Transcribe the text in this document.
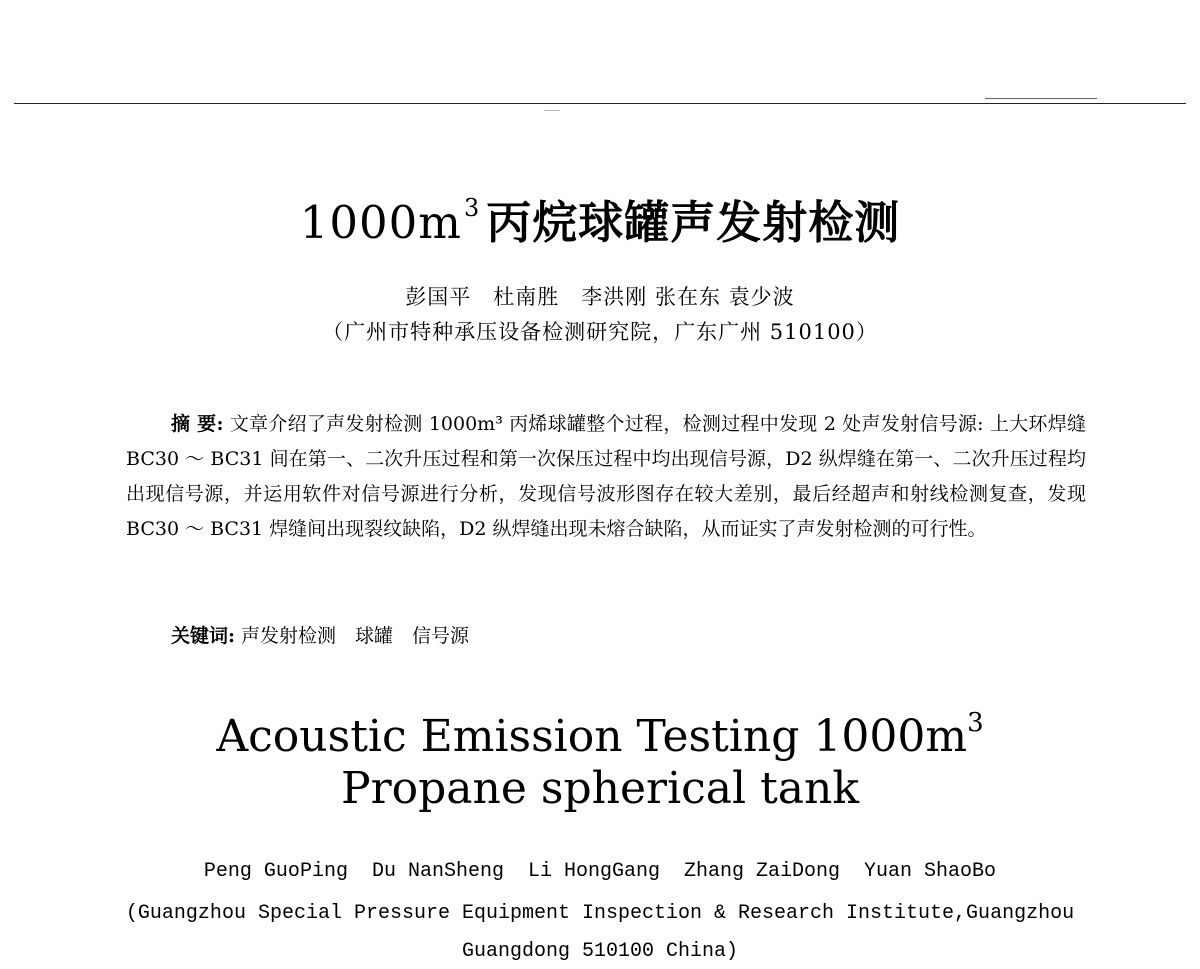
$1000m^3$ 丙烷球罐声发射检测
彭国平　杜南胜　李洪刚 张在东 袁少波
（广州市特种承压设备检测研究院，广东广州 510100）
摘 要: 文章介绍了声发射检测 1000m³ 丙烯球罐整个过程，检测过程中发现 2 处声发射信号源: 上大环焊缝 BC30 ～ BC31 间在第一、二次升压过程和第一次保压过程中均出现信号源，D2 纵焊缝在第一、二次升压过程均出现信号源，并运用软件对信号源进行分析，发现信号波形图存在较大差别，最后经超声和射线检测复查，发现 BC30 ～ BC31 焊缝间出现裂纹缺陷，D2 纵焊缝出现未熔合缺陷，从而证实了声发射检测的可行性。
关键词: 声发射检测　球罐　信号源
Acoustic Emission Testing $1000m^3$
Propane spherical tank
Peng GuoPing  Du NanSheng  Li HongGang  Zhang ZaiDong  Yuan ShaoBo
(Guangzhou Special Pressure Equipment Inspection & Research Institute,Guangzhou
Guangdong 510100 China)
